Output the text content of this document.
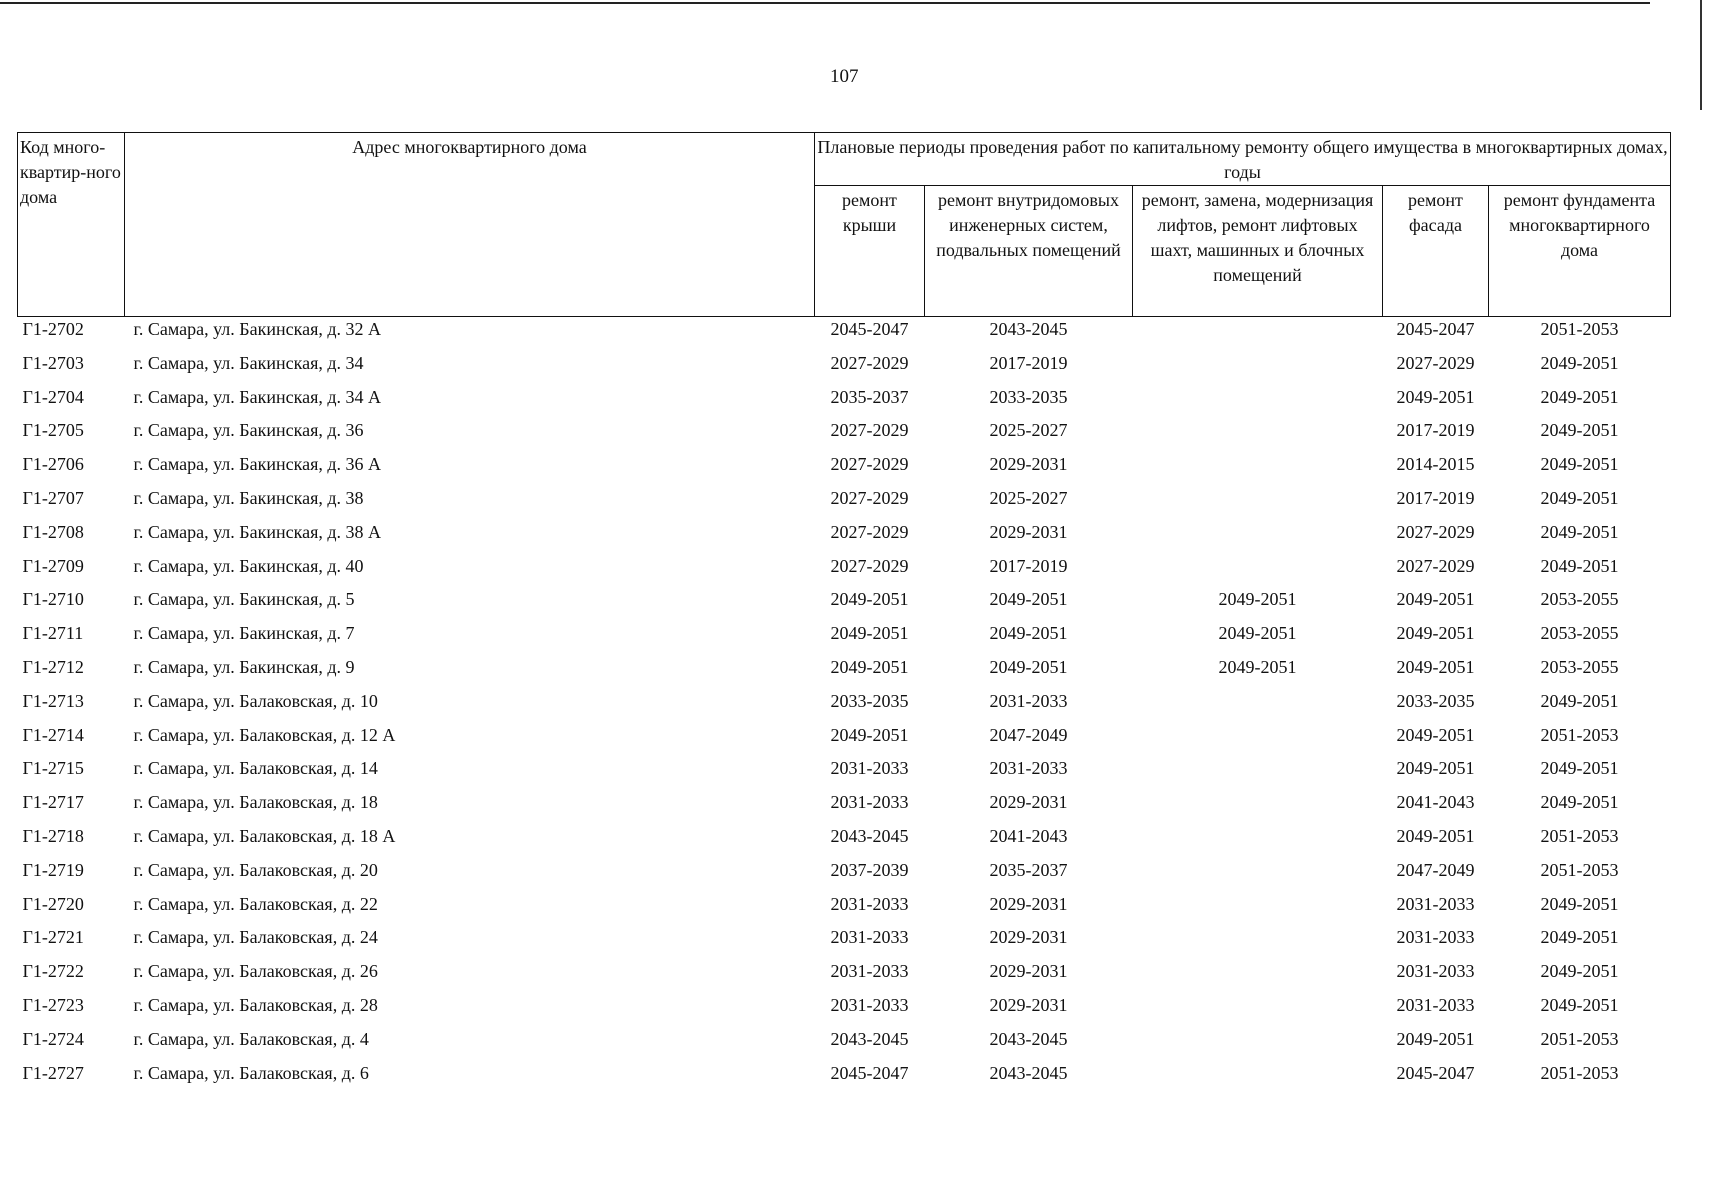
107
Код много-квартир-ного дома	Адрес многоквартирного дома	Плановые периоды проведения работ по капитальному ремонту общего имущества в многоквартирных домах, годы				
		ремонт крыши	ремонт внутридомовых инженерных систем, подвальных помещений	ремонт, замена, модернизация лифтов, ремонт лифтовых шахт, машинных и блочных помещений	ремонт фасада	ремонт фундамента многоквартирного дома
Г1-2702	г. Самара, ул. Бакинская, д. 32 А	2045-2047	2043-2045		2045-2047	2051-2053
Г1-2703	г. Самара, ул. Бакинская, д. 34	2027-2029	2017-2019		2027-2029	2049-2051
Г1-2704	г. Самара, ул. Бакинская, д. 34 А	2035-2037	2033-2035		2049-2051	2049-2051
Г1-2705	г. Самара, ул. Бакинская, д. 36	2027-2029	2025-2027		2017-2019	2049-2051
Г1-2706	г. Самара, ул. Бакинская, д. 36 А	2027-2029	2029-2031		2014-2015	2049-2051
Г1-2707	г. Самара, ул. Бакинская, д. 38	2027-2029	2025-2027		2017-2019	2049-2051
Г1-2708	г. Самара, ул. Бакинская, д. 38 А	2027-2029	2029-2031		2027-2029	2049-2051
Г1-2709	г. Самара, ул. Бакинская, д. 40	2027-2029	2017-2019		2027-2029	2049-2051
Г1-2710	г. Самара, ул. Бакинская, д. 5	2049-2051	2049-2051	2049-2051	2049-2051	2053-2055
Г1-2711	г. Самара, ул. Бакинская, д. 7	2049-2051	2049-2051	2049-2051	2049-2051	2053-2055
Г1-2712	г. Самара, ул. Бакинская, д. 9	2049-2051	2049-2051	2049-2051	2049-2051	2053-2055
Г1-2713	г. Самара, ул. Балаковская, д. 10	2033-2035	2031-2033		2033-2035	2049-2051
Г1-2714	г. Самара, ул. Балаковская, д. 12 А	2049-2051	2047-2049		2049-2051	2051-2053
Г1-2715	г. Самара, ул. Балаковская, д. 14	2031-2033	2031-2033		2049-2051	2049-2051
Г1-2717	г. Самара, ул. Балаковская, д. 18	2031-2033	2029-2031		2041-2043	2049-2051
Г1-2718	г. Самара, ул. Балаковская, д. 18 А	2043-2045	2041-2043		2049-2051	2051-2053
Г1-2719	г. Самара, ул. Балаковская, д. 20	2037-2039	2035-2037		2047-2049	2051-2053
Г1-2720	г. Самара, ул. Балаковская, д. 22	2031-2033	2029-2031		2031-2033	2049-2051
Г1-2721	г. Самара, ул. Балаковская, д. 24	2031-2033	2029-2031		2031-2033	2049-2051
Г1-2722	г. Самара, ул. Балаковская, д. 26	2031-2033	2029-2031		2031-2033	2049-2051
Г1-2723	г. Самара, ул. Балаковская, д. 28	2031-2033	2029-2031		2031-2033	2049-2051
Г1-2724	г. Самара, ул. Балаковская, д. 4	2043-2045	2043-2045		2049-2051	2051-2053
Г1-2727	г. Самара, ул. Балаковская, д. 6	2045-2047	2043-2045		2045-2047	2051-2053
